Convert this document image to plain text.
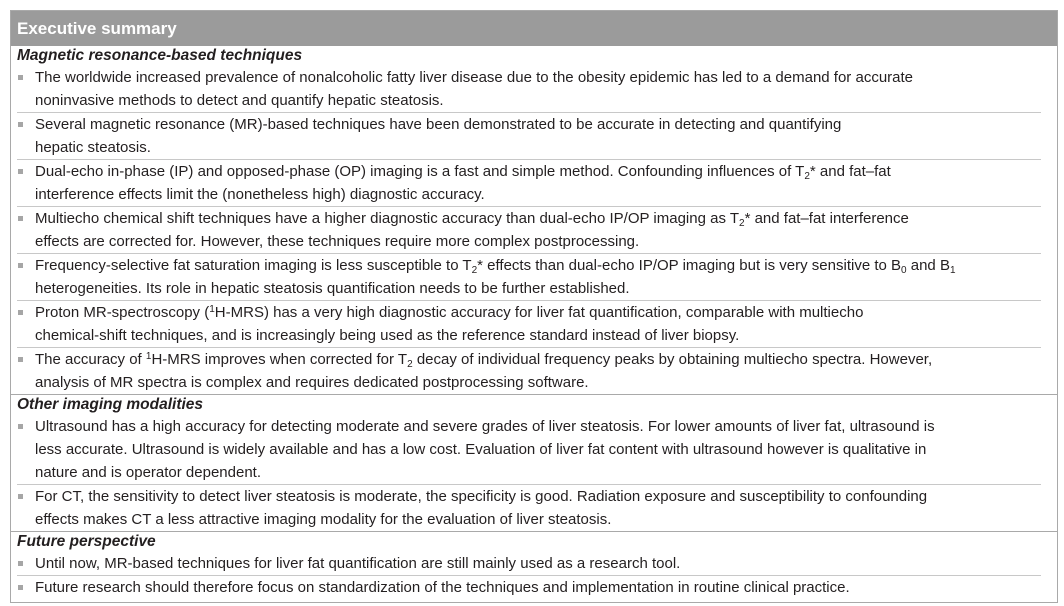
Executive summary
Magnetic resonance-based techniques
The worldwide increased prevalence of nonalcoholic fatty liver disease due to the obesity epidemic has led to a demand for accurate
noninvasive methods to detect and quantify hepatic steatosis.
Several magnetic resonance (MR)-based techniques have been demonstrated to be accurate in detecting and quantifying
hepatic steatosis.
Dual-echo in-phase (IP) and opposed-phase (OP) imaging is a fast and simple method. Confounding influences of $T_2*$ and fat–fat
interference effects limit the (nonetheless high) diagnostic accuracy.
Multiecho chemical shift techniques have a higher diagnostic accuracy than dual-echo IP/OP imaging as $T_2*$ and fat–fat interference
effects are corrected for. However, these techniques require more complex postprocessing.
Frequency-selective fat saturation imaging is less susceptible to $T_2*$ effects than dual-echo IP/OP imaging but is very sensitive to $B_0$ and $B_1$
heterogeneities. Its role in hepatic steatosis quantification needs to be further established.
Proton MR-spectroscopy ($^1$H-MRS) has a very high diagnostic accuracy for liver fat quantification, comparable with multiecho
chemical-shift techniques, and is increasingly being used as the reference standard instead of liver biopsy.
The accuracy of $^1$H-MRS improves when corrected for $T_2$ decay of individual frequency peaks by obtaining multiecho spectra. However,
analysis of MR spectra is complex and requires dedicated postprocessing software.
Other imaging modalities
Ultrasound has a high accuracy for detecting moderate and severe grades of liver steatosis. For lower amounts of liver fat, ultrasound is
less accurate. Ultrasound is widely available and has a low cost. Evaluation of liver fat content with ultrasound however is qualitative in
nature and is operator dependent.
For CT, the sensitivity to detect liver steatosis is moderate, the specificity is good. Radiation exposure and susceptibility to confounding
effects makes CT a less attractive imaging modality for the evaluation of liver steatosis.
Future perspective
Until now, MR-based techniques for liver fat quantification are still mainly used as a research tool.
Future research should therefore focus on standardization of the techniques and implementation in routine clinical practice.
